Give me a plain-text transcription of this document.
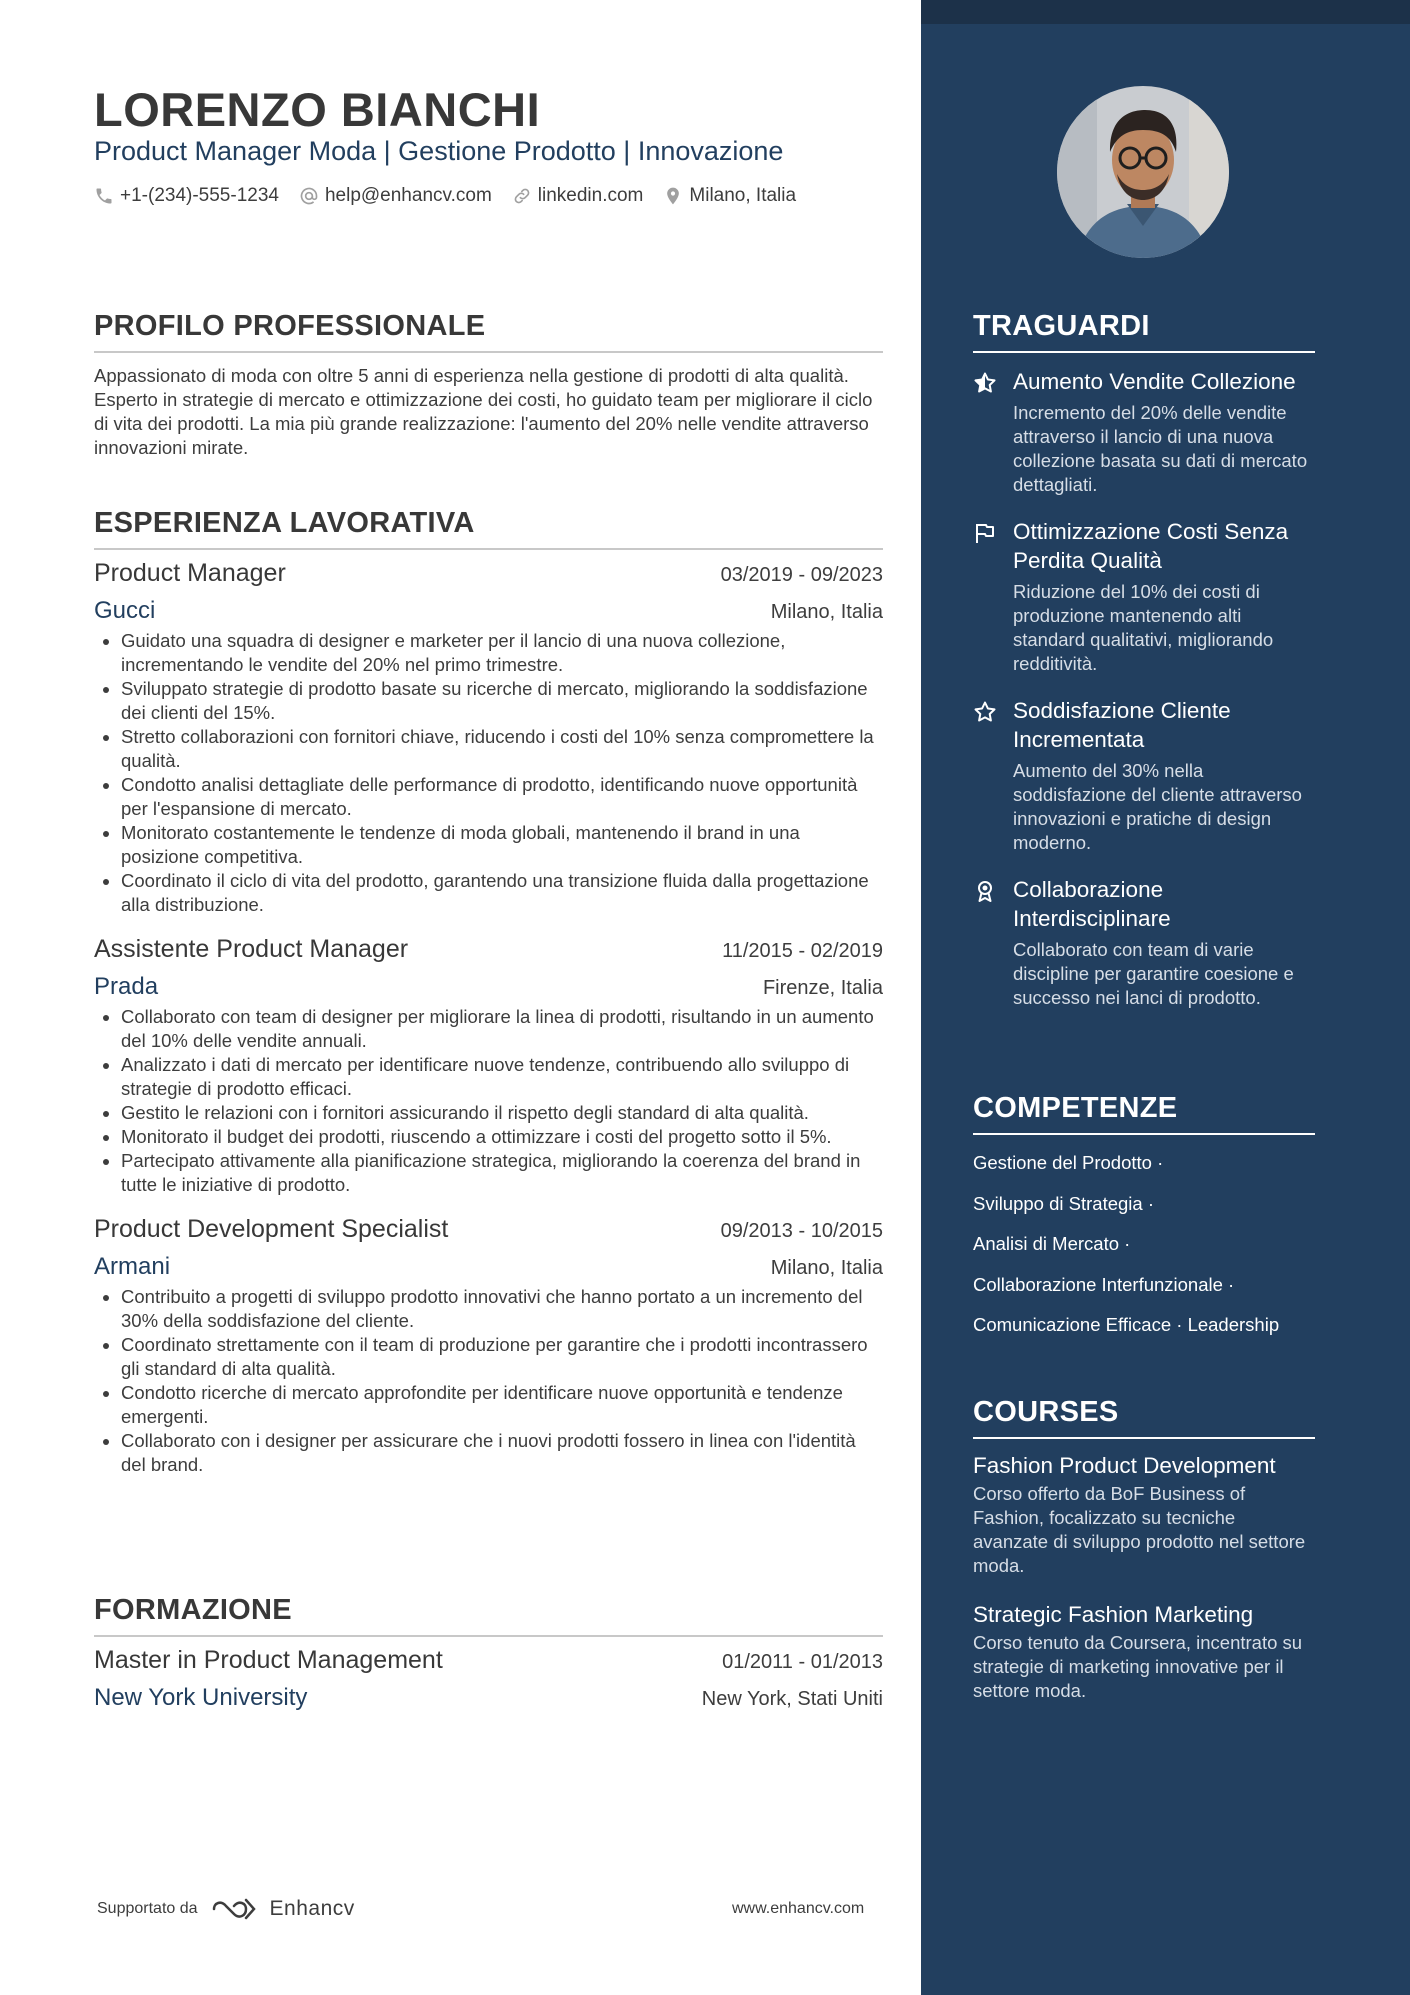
LORENZO BIANCHI
Product Manager Moda | Gestione Prodotto | Innovazione
+1-(234)-555-1234 help@enhancv.com linkedin.com Milano, Italia
PROFILO PROFESSIONALE
Appassionato di moda con oltre 5 anni di esperienza nella gestione di prodotti di alta qualità. Esperto in strategie di mercato e ottimizzazione dei costi, ho guidato team per migliorare il ciclo di vita dei prodotti. La mia più grande realizzazione: l'aumento del 20% nelle vendite attraverso innovazioni mirate.
ESPERIENZA LAVORATIVA
Product Manager	03/2019 - 09/2023
Gucci	Milano, Italia
• Guidato una squadra di designer e marketer per il lancio di una nuova collezione, incrementando le vendite del 20% nel primo trimestre.
• Sviluppato strategie di prodotto basate su ricerche di mercato, migliorando la soddisfazione dei clienti del 15%.
• Stretto collaborazioni con fornitori chiave, riducendo i costi del 10% senza compromettere la qualità.
• Condotto analisi dettagliate delle performance di prodotto, identificando nuove opportunità per l'espansione di mercato.
• Monitorato costantemente le tendenze di moda globali, mantenendo il brand in una posizione competitiva.
• Coordinato il ciclo di vita del prodotto, garantendo una transizione fluida dalla progettazione alla distribuzione.
Assistente Product Manager	11/2015 - 02/2019
Prada	Firenze, Italia
• Collaborato con team di designer per migliorare la linea di prodotti, risultando in un aumento del 10% delle vendite annuali.
• Analizzato i dati di mercato per identificare nuove tendenze, contribuendo allo sviluppo di strategie di prodotto efficaci.
• Gestito le relazioni con i fornitori assicurando il rispetto degli standard di alta qualità.
• Monitorato il budget dei prodotti, riuscendo a ottimizzare i costi del progetto sotto il 5%.
• Partecipato attivamente alla pianificazione strategica, migliorando la coerenza del brand in tutte le iniziative di prodotto.
Product Development Specialist	09/2013 - 10/2015
Armani	Milano, Italia
• Contribuito a progetti di sviluppo prodotto innovativi che hanno portato a un incremento del 30% della soddisfazione del cliente.
• Coordinato strettamente con il team di produzione per garantire che i prodotti incontrassero gli standard di alta qualità.
• Condotto ricerche di mercato approfondite per identificare nuove opportunità e tendenze emergenti.
• Collaborato con i designer per assicurare che i nuovi prodotti fossero in linea con l'identità del brand.
FORMAZIONE
Master in Product Management	01/2011 - 01/2013
New York University	New York, Stati Uniti
TRAGUARDI
Aumento Vendite Collezione
Incremento del 20% delle vendite attraverso il lancio di una nuova collezione basata su dati di mercato dettagliati.
Ottimizzazione Costi Senza Perdita Qualità
Riduzione del 10% dei costi di produzione mantenendo alti standard qualitativi, migliorando redditività.
Soddisfazione Cliente Incrementata
Aumento del 30% nella soddisfazione del cliente attraverso innovazioni e pratiche di design moderno.
Collaborazione Interdisciplinare
Collaborato con team di varie discipline per garantire coesione e successo nei lanci di prodotto.
COMPETENZE
Gestione del Prodotto ·
Sviluppo di Strategia ·
Analisi di Mercato ·
Collaborazione Interfunzionale ·
Comunicazione Efficace · Leadership
COURSES
Fashion Product Development
Corso offerto da BoF Business of Fashion, focalizzato su tecniche avanzate di sviluppo prodotto nel settore moda.
Strategic Fashion Marketing
Corso tenuto da Coursera, incentrato su strategie di marketing innovative per il settore moda.
Supportato da	Enhancv	www.enhancv.com
